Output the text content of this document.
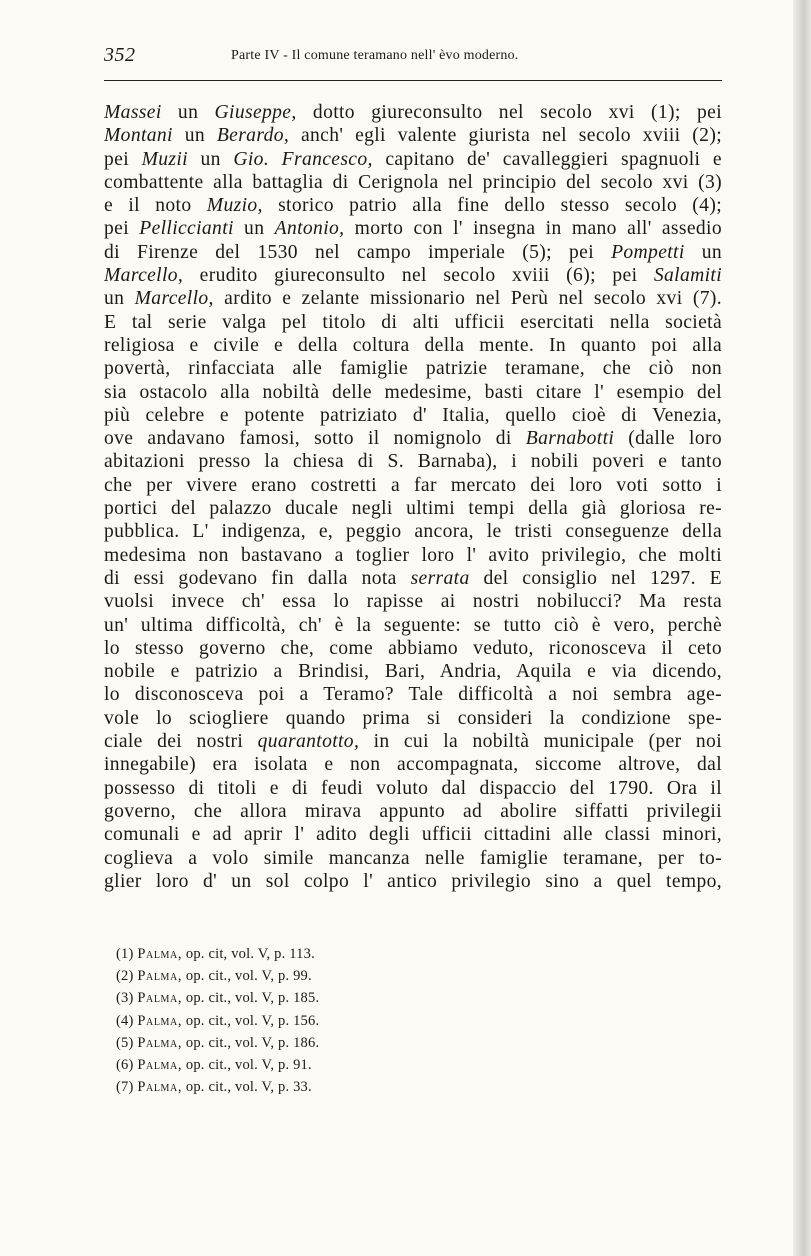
352	Parte IV - Il comune teramano nell' èvo moderno.
Massei un Giuseppe, dotto giureconsulto nel secolo xvi (1); pei
Montani un Berardo, anch' egli valente giurista nel secolo xviii (2);
pei Muzii un Gio. Francesco, capitano de' cavalleggieri spagnuoli e
combattente alla battaglia di Cerignola nel principio del secolo xvi (3)
e il noto Muzio, storico patrio alla fine dello stesso secolo (4);
pei Pelliccianti un Antonio, morto con l' insegna in mano all' assedio
di Firenze del 1530 nel campo imperiale (5); pei Pompetti un
Marcello, erudito giureconsulto nel secolo xviii (6); pei Salamiti
un Marcello, ardito e zelante missionario nel Perù nel secolo xvi (7).
E tal serie valga pel titolo di alti ufficii esercitati nella società
religiosa e civile e della coltura della mente. In quanto poi alla
povertà, rinfacciata alle famiglie patrizie teramane, che ciò non
sia ostacolo alla nobiltà delle medesime, basti citare l' esempio del
più celebre e potente patriziato d' Italia, quello cioè di Venezia,
ove andavano famosi, sotto il nomignolo di Barnabotti (dalle loro
abitazioni presso la chiesa di S. Barnaba), i nobili poveri e tanto
che per vivere erano costretti a far mercato dei loro voti sotto i
portici del palazzo ducale negli ultimi tempi della già gloriosa re-
pubblica. L' indigenza, e, peggio ancora, le tristi conseguenze della
medesima non bastavano a toglier loro l' avito privilegio, che molti
di essi godevano fin dalla nota serrata del consiglio nel 1297. E
vuolsi invece ch' essa lo rapisse ai nostri nobilucci? Ma resta
un' ultima difficoltà, ch' è la seguente: se tutto ciò è vero, perchè
lo stesso governo che, come abbiamo veduto, riconosceva il ceto
nobile e patrizio a Brindisi, Bari, Andria, Aquila e via dicendo,
lo disconosceva poi a Teramo? Tale difficoltà a noi sembra age-
vole lo sciogliere quando prima si consideri la condizione spe-
ciale dei nostri quarantotto, in cui la nobiltà municipale (per noi
innegabile) era isolata e non accompagnata, siccome altrove, dal
possesso di titoli e di feudi voluto dal dispaccio del 1790. Ora il
governo, che allora mirava appunto ad abolire siffatti privilegii
comunali e ad aprir l' adito degli ufficii cittadini alle classi minori,
coglieva a volo simile mancanza nelle famiglie teramane, per to-
glier loro d' un sol colpo l' antico privilegio sino a quel tempo,
(1) Palma, op. cit, vol. V, p. 113.
(2) Palma, op. cit., vol. V, p. 99.
(3) Palma, op. cit., vol. V, p. 185.
(4) Palma, op. cit., vol. V, p. 156.
(5) Palma, op. cit., vol. V, p. 186.
(6) Palma, op. cit., vol. V, p. 91.
(7) Palma, op. cit., vol. V, p. 33.
